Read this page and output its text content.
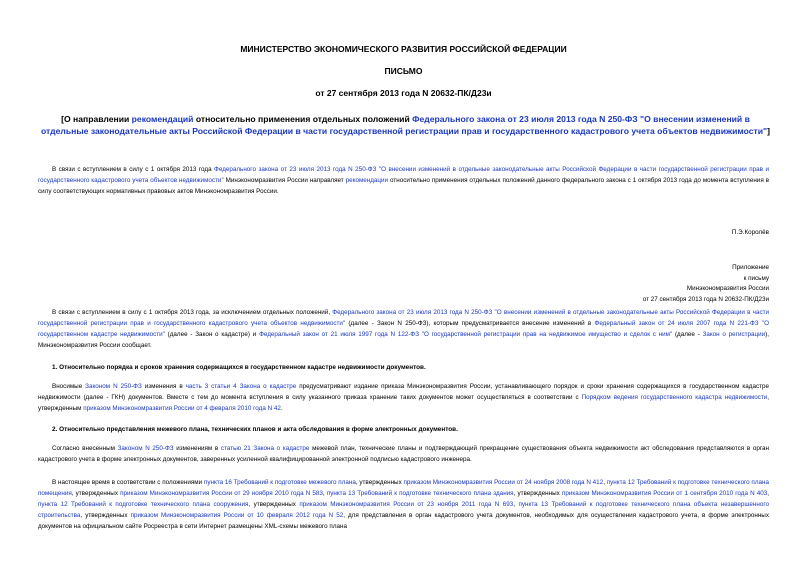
МИНИСТЕРСТВО ЭКОНОМИЧЕСКОГО РАЗВИТИЯ РОССИЙСКОЙ ФЕДЕРАЦИИ
ПИСЬМО
от 27 сентября 2013 года N 20632-ПК/Д23и
[О направлении рекомендаций относительно применения отдельных положений Федерального закона от 23 июля 2013 года N 250-ФЗ "О внесении изменений в отдельные законодательные акты Российской Федерации в части государственной регистрации прав и государственного кадастрового учета объектов недвижимости"]
В связи с вступлением в силу с 1 октября 2013 года Федерального закона от 23 июля 2013 года N 250-ФЗ "О внесении изменений в отдельные законодательные акты Российской Федерации в части государственной регистрации прав и государственного кадастрового учета объектов недвижимости" Минэкономразвития России направляет рекомендации относительно применения отдельных положений данного федерального закона с 1 октября 2013 года до момента вступления в силу соответствующих нормативных правовых актов Минэкономразвития России.
П.Э.Королёв
Приложение
к письму
Минэкономразвития России
от 27 сентября 2013 года N 20632-ПК/Д23и
В связи с вступлением в силу с 1 октября 2013 года, за исключением отдельных положений, Федерального закона от 23 июля 2013 года N 250-ФЗ "О внесении изменений в отдельные законодательные акты Российской Федерации в части государственной регистрации прав и государственного кадастрового учета объектов недвижимости" (далее - Закон N 250-ФЗ), которым предусматривается внесение изменений в Федеральный закон от 24 июля 2007 года N 221-ФЗ "О государственном кадастре недвижимости" (далее - Закон о кадастре) и Федеральный закон от 21 июля 1997 года N 122-ФЗ "О государственной регистрации прав на недвижимое имущество и сделок с ним" (далее - Закон о регистрации), Минэкономразвития России сообщает.
1. Относительно порядка и сроков хранения содержащихся в государственном кадастре недвижимости документов.
Вносимые Законом N 250-ФЗ изменения в часть 3 статьи 4 Закона о кадастре предусматривают издание приказа Минэкономразвития России, устанавливающего порядок и сроки хранения содержащихся в государственном кадастре недвижимости (далее - ГКН) документов. Вместе с тем до момента вступления в силу указанного приказа хранение таких документов может осуществляться в соответствии с Порядком ведения государственного кадастра недвижимости, утвержденным приказом Минэкономразвития России от 4 февраля 2010 года N 42.
2. Относительно представления межевого плана, технических планов и акта обследования в форме электронных документов.
Согласно внесенным Законом N 250-ФЗ изменениям в статью 21 Закона о кадастре межевой план, технические планы и подтверждающий прекращение существования объекта недвижимости акт обследования представляются в орган кадастрового учета в форме электронных документов, заверенных усиленной квалифицированной электронной подписью кадастрового инженера.
В настоящее время в соответствии с положениями пункта 16 Требований к подготовке межевого плана, утвержденных приказом Минэкономразвития России от 24 ноября 2008 года N 412, пункта 12 Требований к подготовке технического плана помещения, утвержденных приказом Минэкономразвития России от 29 ноября 2010 года N 583, пункта 13 Требований к подготовке технического плана здания, утвержденных приказом Минэкономразвития России от 1 сентября 2010 года N 403, пункта 12 Требований к подготовке технического плана сооружения, утвержденных приказом Минэкономразвития России от 23 ноября 2011 года N 693, пункта 13 Требований к подготовке технического плана объекта незавершенного строительства, утвержденных приказом Минэкономразвития России от 10 февраля 2012 года N 52, для представления в орган кадастрового учета документов, необходимых для осуществления кадастрового учета, в форме электронных документов на официальном сайте Росреестра в сети Интернет размещены XML-схемы межевого плана
